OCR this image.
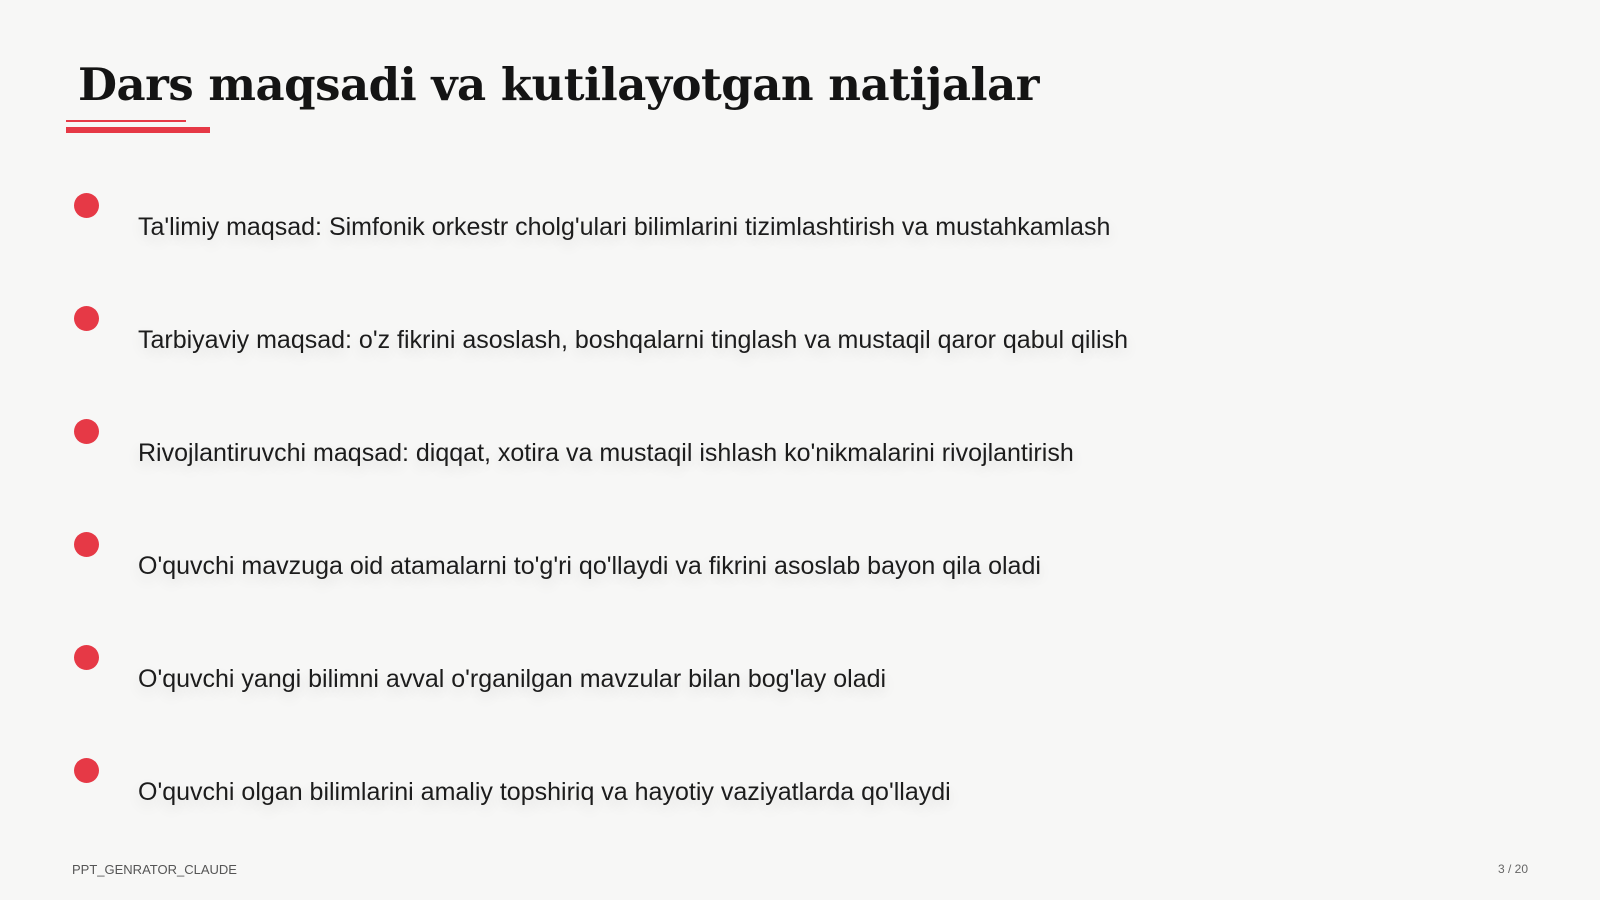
Dars maqsadi va kutilayotgan natijalar
Ta'limiy maqsad: Simfonik orkestr cholg'ulari bilimlarini tizimlashtirish va mustahkamlash
Tarbiyaviy maqsad: o'z fikrini asoslash, boshqalarni tinglash va mustaqil qaror qabul qilish
Rivojlantiruvchi maqsad: diqqat, xotira va mustaqil ishlash ko'nikmalarini rivojlantirish
O'quvchi mavzuga oid atamalarni to'g'ri qo'llaydi va fikrini asoslab bayon qila oladi
O'quvchi yangi bilimni avval o'rganilgan mavzular bilan bog'lay oladi
O'quvchi olgan bilimlarini amaliy topshiriq va hayotiy vaziyatlarda qo'llaydi
PPT_GENRATOR_CLAUDE	3 / 20
